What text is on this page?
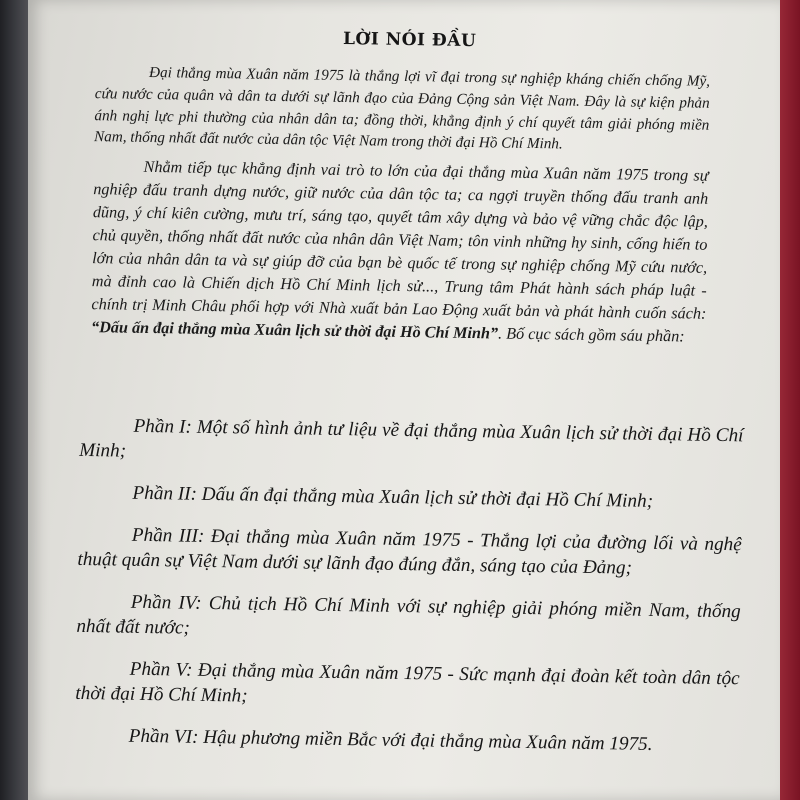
LỜI NÓI ĐẦU

Đại thắng mùa Xuân năm 1975 là thắng lợi vĩ đại trong sự nghiệp kháng chiến chống Mỹ, cứu nước của quân và dân ta dưới sự lãnh đạo của Đảng Cộng sản Việt Nam. Đây là sự kiện phản ánh nghị lực phi thường của nhân dân ta; đồng thời, khẳng định ý chí quyết tâm giải phóng miền Nam, thống nhất đất nước của dân tộc Việt Nam trong thời đại Hồ Chí Minh.

Nhằm tiếp tục khẳng định vai trò to lớn của đại thắng mùa Xuân năm 1975 trong sự nghiệp đấu tranh dựng nước, giữ nước của dân tộc ta; ca ngợi truyền thống đấu tranh anh dũng, ý chí kiên cường, mưu trí, sáng tạo, quyết tâm xây dựng và bảo vệ vững chắc độc lập, chủ quyền, thống nhất đất nước của nhân dân Việt Nam; tôn vinh những hy sinh, cống hiến to lớn của nhân dân ta và sự giúp đỡ của bạn bè quốc tế trong sự nghiệp chống Mỹ cứu nước, mà đỉnh cao là Chiến dịch Hồ Chí Minh lịch sử..., Trung tâm Phát hành sách pháp luật - chính trị Minh Châu phối hợp với Nhà xuất bản Lao Động xuất bản và phát hành cuốn sách: “Dấu ấn đại thắng mùa Xuân lịch sử thời đại Hồ Chí Minh”. Bố cục sách gồm sáu phần:

Phần I: Một số hình ảnh tư liệu về đại thắng mùa Xuân lịch sử thời đại Hồ Chí Minh;

Phần II: Dấu ấn đại thắng mùa Xuân lịch sử thời đại Hồ Chí Minh;

Phần III: Đại thắng mùa Xuân năm 1975 - Thắng lợi của đường lối và nghệ thuật quân sự Việt Nam dưới sự lãnh đạo đúng đắn, sáng tạo của Đảng;

Phần IV: Chủ tịch Hồ Chí Minh với sự nghiệp giải phóng miền Nam, thống nhất đất nước;

Phần V: Đại thắng mùa Xuân năm 1975 - Sức mạnh đại đoàn kết toàn dân tộc thời đại Hồ Chí Minh;

Phần VI: Hậu phương miền Bắc với đại thắng mùa Xuân năm 1975.
